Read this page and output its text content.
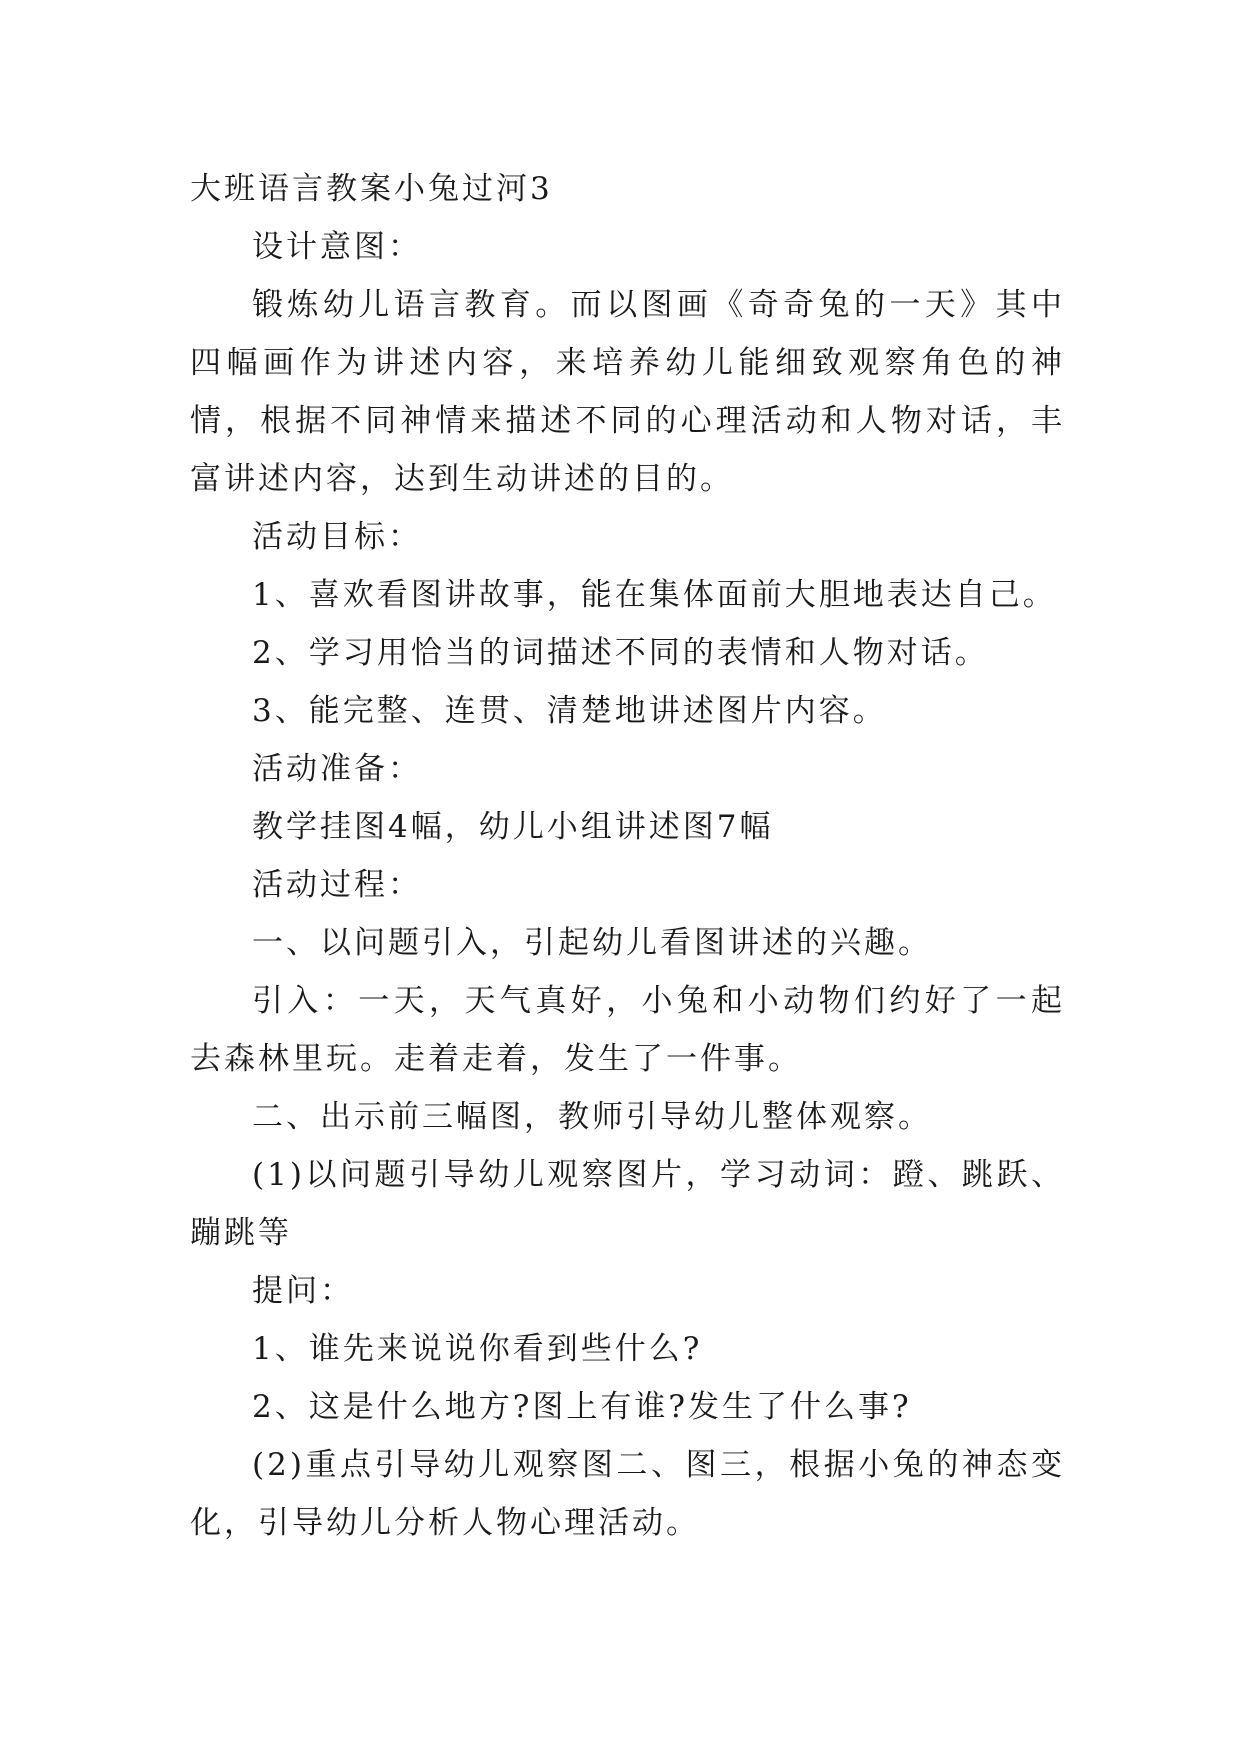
大班语言教案小兔过河3

设计意图：

锻炼幼儿语言教育。而以图画《奇奇兔的一天》其中四幅画作为讲述内容，来培养幼儿能细致观察角色的神情，根据不同神情来描述不同的心理活动和人物对话，丰富讲述内容，达到生动讲述的目的。

活动目标：

1、喜欢看图讲故事，能在集体面前大胆地表达自己。

2、学习用恰当的词描述不同的表情和人物对话。

3、能完整、连贯、清楚地讲述图片内容。

活动准备：

教学挂图4幅，幼儿小组讲述图7幅

活动过程：

一、以问题引入，引起幼儿看图讲述的兴趣。

引入：一天，天气真好，小兔和小动物们约好了一起去森林里玩。走着走着，发生了一件事。

二、出示前三幅图，教师引导幼儿整体观察。

(1)以问题引导幼儿观察图片，学习动词：蹬、跳跃、蹦跳等

提问：

1、谁先来说说你看到些什么?

2、这是什么地方?图上有谁?发生了什么事?

(2)重点引导幼儿观察图二、图三，根据小兔的神态变化，引导幼儿分析人物心理活动。
